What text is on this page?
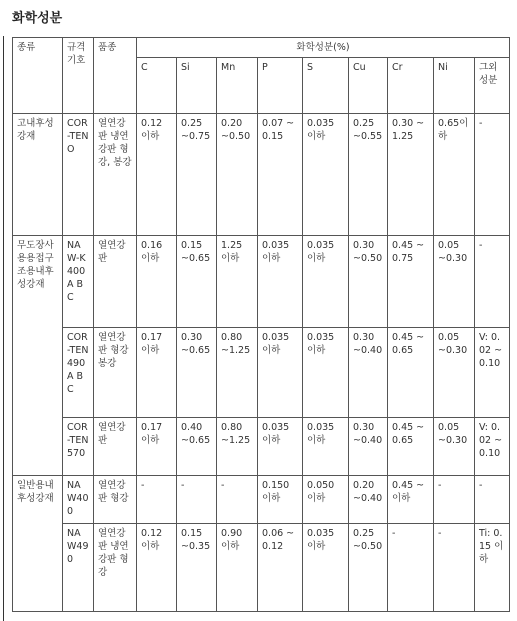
화학성분
종류	규격기호	품종	화학성분(%)								

			C	Si	Mn	P	S	Cu	Cr	Ni	그외 성분

고내후성강재	COR-TEN O	열연강판 냉연강판 형강, 봉강	0.12 이하	0.25 ~0.75	0.20 ~0.50	0.07 ~0.15	0.035 이하	0.25 ~0.55	0.30 ~1.25	0.65이하	-

무도장사용용접구조용내후성강재	NAW-K400 A B C	열연강판	0.16 이하	0.15 ~0.65	1.25 이하	0.035 이하	0.035 이하	0.30 ~0.50	0.45 ~0.75	0.05 ~0.30	-

	COR-TEN 490 A B C	열연강판 형강 봉강	0.17 이하	0.30 ~0.65	0.80 ~1.25	0.035 이하	0.035 이하	0.30 ~0.40	0.45 ~0.65	0.05 ~0.30	V: 0.02 ~0.10

	COR-TEN 570	열연강판	0.17 이하	0.40 ~0.65	0.80 ~1.25	0.035 이하	0.035 이하	0.30 ~0.40	0.45 ~0.65	0.05 ~0.30	V: 0.02 ~0.10

일반용내후성강재	NAW400	열연강판 형강	-	-	-	0.150 이하	0.050 이하	0.20 ~0.40	0.45 ~이하	-	-

	NAW490	열연강판 냉연강판 형강	0.12 이하	0.15 ~0.35	0.90 이하	0.06 ~0.12	0.035 이하	0.25 ~0.50	-	-	Ti: 0.15 이하
